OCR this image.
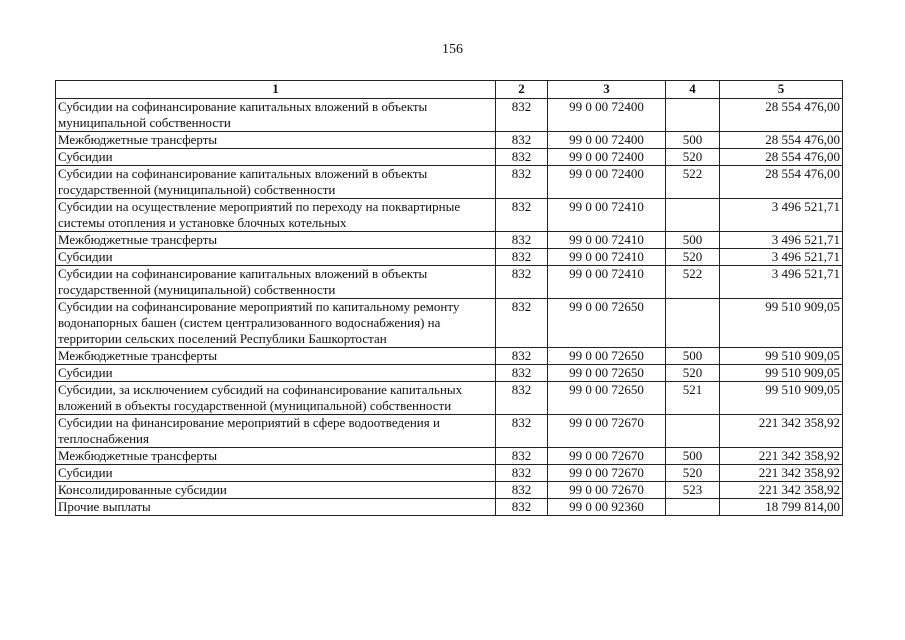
156
1	2	3	4	5
Субсидии на софинансирование капитальных вложений в объекты муниципальной собственности	832	99 0 00 72400		28 554 476,00
Межбюджетные трансферты	832	99 0 00 72400	500	28 554 476,00
Субсидии	832	99 0 00 72400	520	28 554 476,00
Субсидии на софинансирование капитальных вложений в объекты государственной (муниципальной) собственности	832	99 0 00 72400	522	28 554 476,00
Субсидии на осуществление мероприятий по переходу на поквартирные системы отопления и установке блочных котельных	832	99 0 00 72410		3 496 521,71
Межбюджетные трансферты	832	99 0 00 72410	500	3 496 521,71
Субсидии	832	99 0 00 72410	520	3 496 521,71
Субсидии на софинансирование капитальных вложений в объекты государственной (муниципальной) собственности	832	99 0 00 72410	522	3 496 521,71
Субсидии на софинансирование мероприятий по капитальному ремонту водонапорных башен (систем централизованного водоснабжения) на территории сельских поселений Республики Башкортостан	832	99 0 00 72650		99 510 909,05
Межбюджетные трансферты	832	99 0 00 72650	500	99 510 909,05
Субсидии	832	99 0 00 72650	520	99 510 909,05
Субсидии, за исключением субсидий на софинансирование капитальных вложений в объекты государственной (муниципальной) собственности	832	99 0 00 72650	521	99 510 909,05
Субсидии на финансирование мероприятий в сфере водоотведения и теплоснабжения	832	99 0 00 72670		221 342 358,92
Межбюджетные трансферты	832	99 0 00 72670	500	221 342 358,92
Субсидии	832	99 0 00 72670	520	221 342 358,92
Консолидированные субсидии	832	99 0 00 72670	523	221 342 358,92
Прочие выплаты	832	99 0 00 92360		18 799 814,00
